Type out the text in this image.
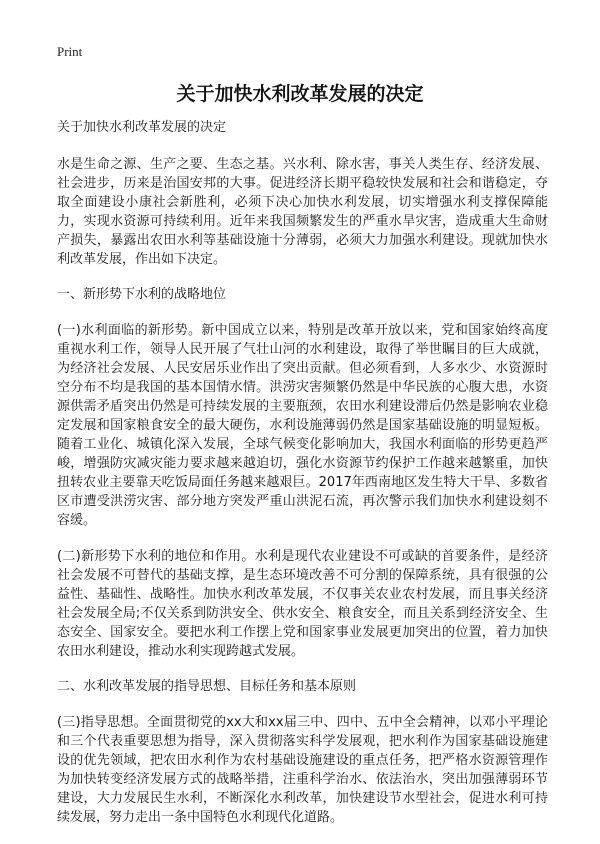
Print
关于加快水利改革发展的决定

关于加快水利改革发展的决定

水是生命之源、生产之要、生态之基。兴水利、除水害，事关人类生存、经济发展、社会进步，历来是治国安邦的大事。促进经济长期平稳较快发展和社会和谐稳定，夺取全面建设小康社会新胜利，必须下决心加快水利发展，切实增强水利支撑保障能力，实现水资源可持续利用。近年来我国频繁发生的严重水旱灾害，造成重大生命财产损失，暴露出农田水利等基础设施十分薄弱，必须大力加强水利建设。现就加快水利改革发展，作出如下决定。

一、新形势下水利的战略地位

(一)水利面临的新形势。新中国成立以来，特别是改革开放以来，党和国家始终高度重视水利工作，领导人民开展了气壮山河的水利建设，取得了举世瞩目的巨大成就，为经济社会发展、人民安居乐业作出了突出贡献。但必须看到，人多水少、水资源时空分布不均是我国的基本国情水情。洪涝灾害频繁仍然是中华民族的心腹大患，水资源供需矛盾突出仍然是可持续发展的主要瓶颈，农田水利建设滞后仍然是影响农业稳定发展和国家粮食安全的最大硬伤，水利设施薄弱仍然是国家基础设施的明显短板。随着工业化、城镇化深入发展，全球气候变化影响加大，我国水利面临的形势更趋严峻，增强防灾减灾能力要求越来越迫切，强化水资源节约保护工作越来越繁重，加快扭转农业主要靠天吃饭局面任务越来越艰巨。2017年西南地区发生特大干旱、多数省区市遭受洪涝灾害、部分地方突发严重山洪泥石流，再次警示我们加快水利建设刻不容缓。

(二)新形势下水利的地位和作用。水利是现代农业建设不可或缺的首要条件，是经济社会发展不可替代的基础支撑，是生态环境改善不可分割的保障系统，具有很强的公益性、基础性、战略性。加快水利改革发展，不仅事关农业农村发展，而且事关经济社会发展全局;不仅关系到防洪安全、供水安全、粮食安全，而且关系到经济安全、生态安全、国家安全。要把水利工作摆上党和国家事业发展更加突出的位置，着力加快农田水利建设，推动水利实现跨越式发展。

二、水利改革发展的指导思想、目标任务和基本原则

(三)指导思想。全面贯彻党的xx大和xx届三中、四中、五中全会精神，以邓小平理论和三个代表重要思想为指导，深入贯彻落实科学发展观，把水利作为国家基础设施建设的优先领域，把农田水利作为农村基础设施建设的重点任务，把严格水资源管理作为加快转变经济发展方式的战略举措，注重科学治水、依法治水，突出加强薄弱环节建设，大力发展民生水利，不断深化水利改革，加快建设节水型社会，促进水利可持续发展，努力走出一条中国特色水利现代化道路。
